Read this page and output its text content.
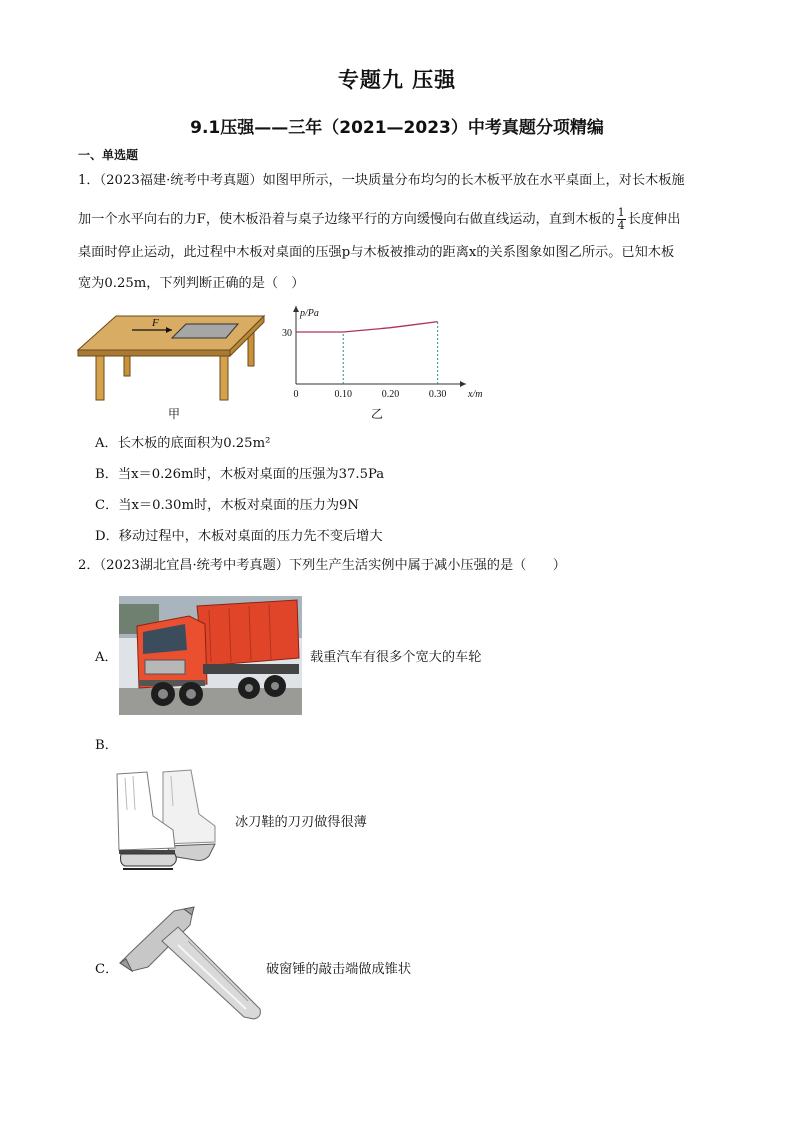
专题九 压强
9.1压强——三年（2021—2023）中考真题分项精编
一、单选题
1．（2023福建·统考中考真题）如图甲所示，一块质量分布均匀的长木板平放在水平桌面上，对长木板施
加一个水平向右的力F，使木板沿着与桌子边缘平行的方向缓慢向右做直线运动，直到木板的 $\frac{1}{4}$ 长度伸出
桌面时停止运动，此过程中木板对桌面的压强p与木板被推动的距离x的关系图象如图乙所示。已知木板
宽为0.25m，下列判断正确的是（　）
F
甲
0	0.10	0.20	0.30
30
x/m
p/Pa
乙
A．长木板的底面积为0.25m²
B．当x＝0.26m时，木板对桌面的压强为37.5Pa
C．当x＝0.30m时，木板对桌面的压力为9N
D．移动过程中，木板对桌面的压力先不变后增大
2．（2023湖北宜昌·统考中考真题）下列生产生活实例中属于减小压强的是（　　）
A．	载重汽车有很多个宽大的车轮
B．
冰刀鞋的刀刃做得很薄
C．	破窗锤的敲击端做成锥状
